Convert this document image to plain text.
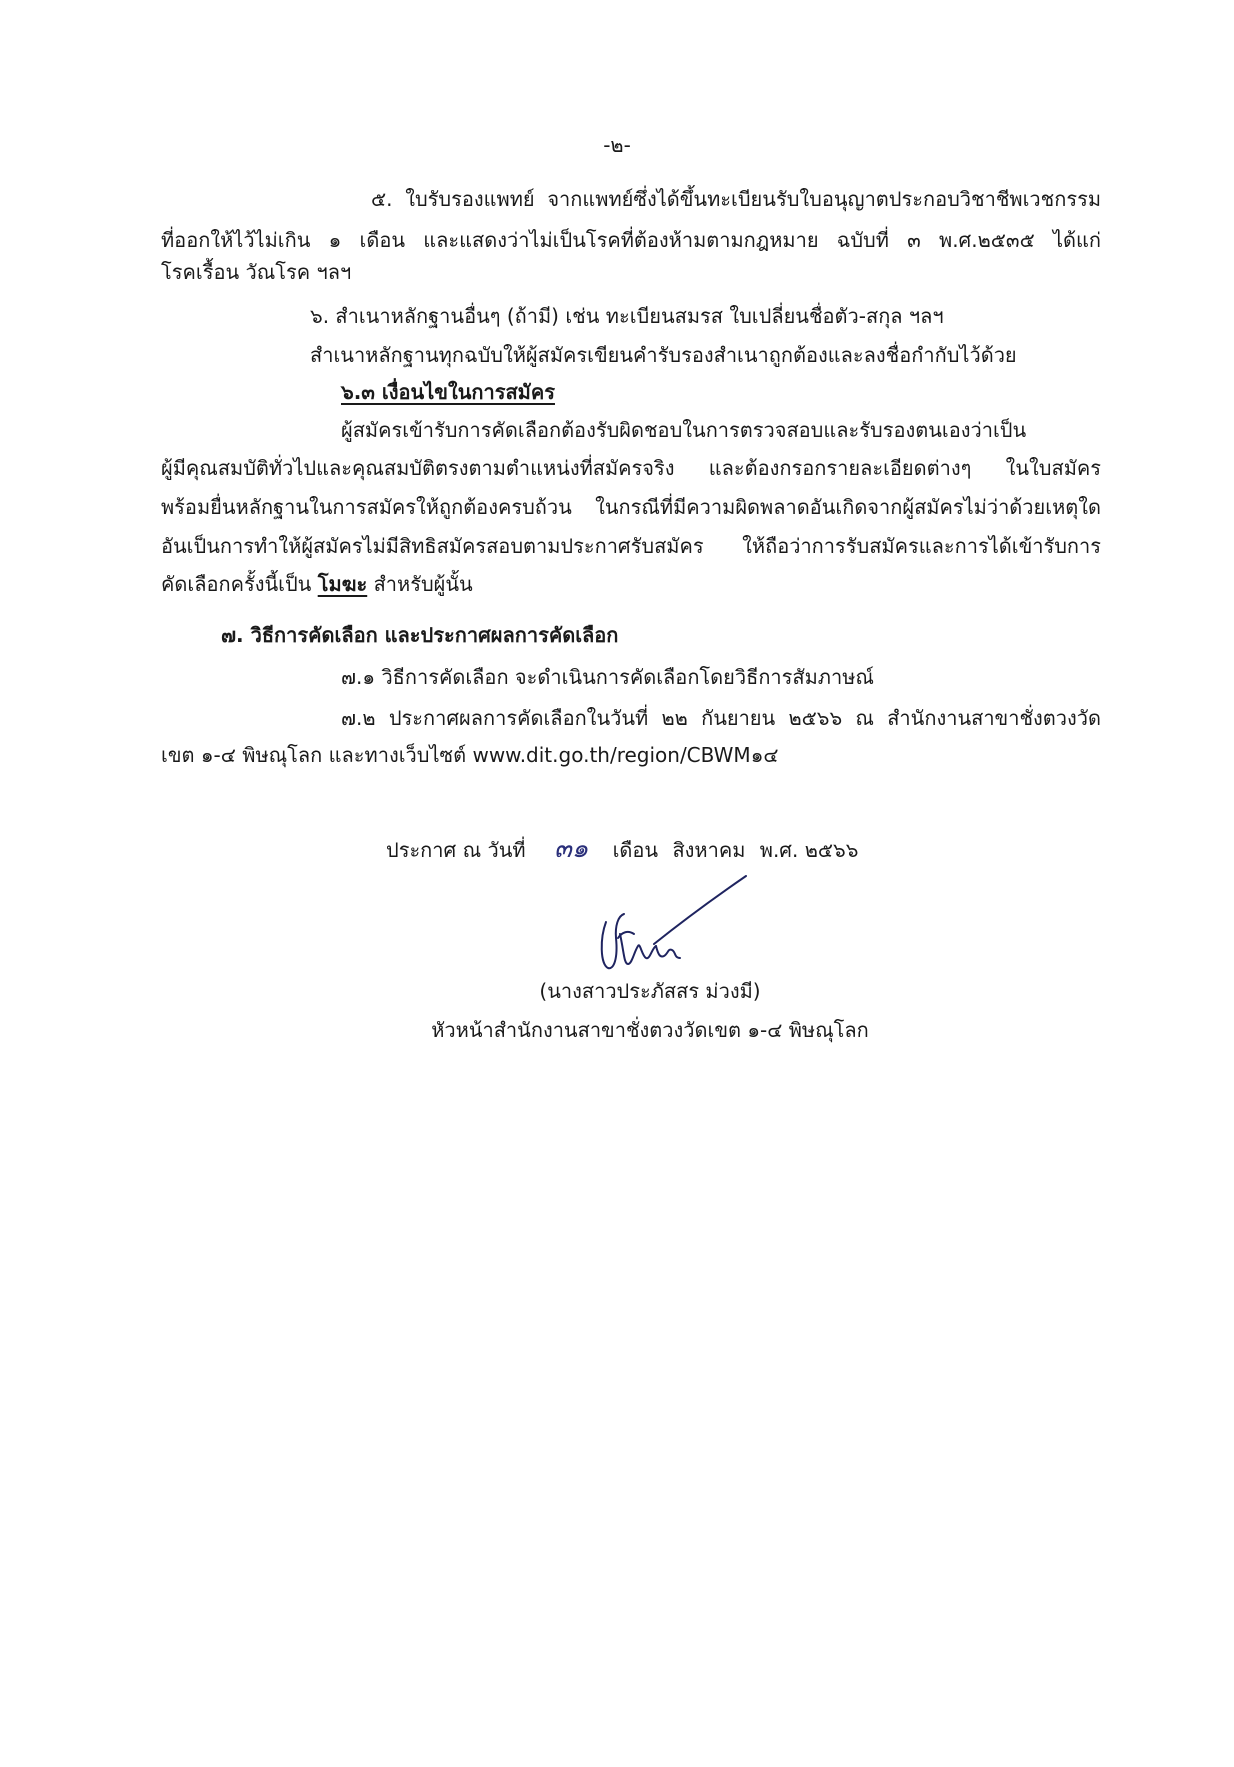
-๒-
๕. ใบรับรองแพทย์ จากแพทย์ซึ่งได้ขึ้นทะเบียนรับใบอนุญาตประกอบวิชาชีพเวชกรรม
ที่ออกให้ไว้ไม่เกิน ๑ เดือน และแสดงว่าไม่เป็นโรคที่ต้องห้ามตามกฎหมาย ฉบับที่ ๓ พ.ศ.๒๕๓๕ ได้แก่
โรคเรื้อน วัณโรค ฯลฯ
๖. สำเนาหลักฐานอื่นๆ (ถ้ามี) เช่น ทะเบียนสมรส ใบเปลี่ยนชื่อตัว-สกุล ฯลฯ
สำเนาหลักฐานทุกฉบับให้ผู้สมัครเขียนคำรับรองสำเนาถูกต้องและลงชื่อกำกับไว้ด้วย
๖.๓ เงื่อนไขในการสมัคร
ผู้สมัครเข้ารับการคัดเลือกต้องรับผิดชอบในการตรวจสอบและรับรองตนเองว่าเป็น
ผู้มีคุณสมบัติทั่วไปและคุณสมบัติตรงตามตำแหน่งที่สมัครจริง และต้องกรอกรายละเอียดต่างๆ ในใบสมัคร
พร้อมยื่นหลักฐานในการสมัครให้ถูกต้องครบถ้วน ในกรณีที่มีความผิดพลาดอันเกิดจากผู้สมัครไม่ว่าด้วยเหตุใด
อันเป็นการทำให้ผู้สมัครไม่มีสิทธิสมัครสอบตามประกาศรับสมัคร ให้ถือว่าการรับสมัครและการได้เข้ารับการ
คัดเลือกครั้งนี้เป็น โมฆะ สำหรับผู้นั้น
๗. วิธีการคัดเลือก และประกาศผลการคัดเลือก
๗.๑ วิธีการคัดเลือก จะดำเนินการคัดเลือกโดยวิธีการสัมภาษณ์
๗.๒ ประกาศผลการคัดเลือกในวันที่ ๒๒ กันยายน ๒๕๖๖ ณ สำนักงานสาขาชั่งตวงวัด
เขต ๑-๔ พิษณุโลก และทางเว็บไซต์ www.dit.go.th/region/CBWM๑๔
ประกาศ ณ วันที่ ๓๑ เดือน สิงหาคม พ.ศ. ๒๕๖๖
(นางสาวประภัสสร ม่วงมี)
หัวหน้าสำนักงานสาขาชั่งตวงวัดเขต ๑-๔ พิษณุโลก
